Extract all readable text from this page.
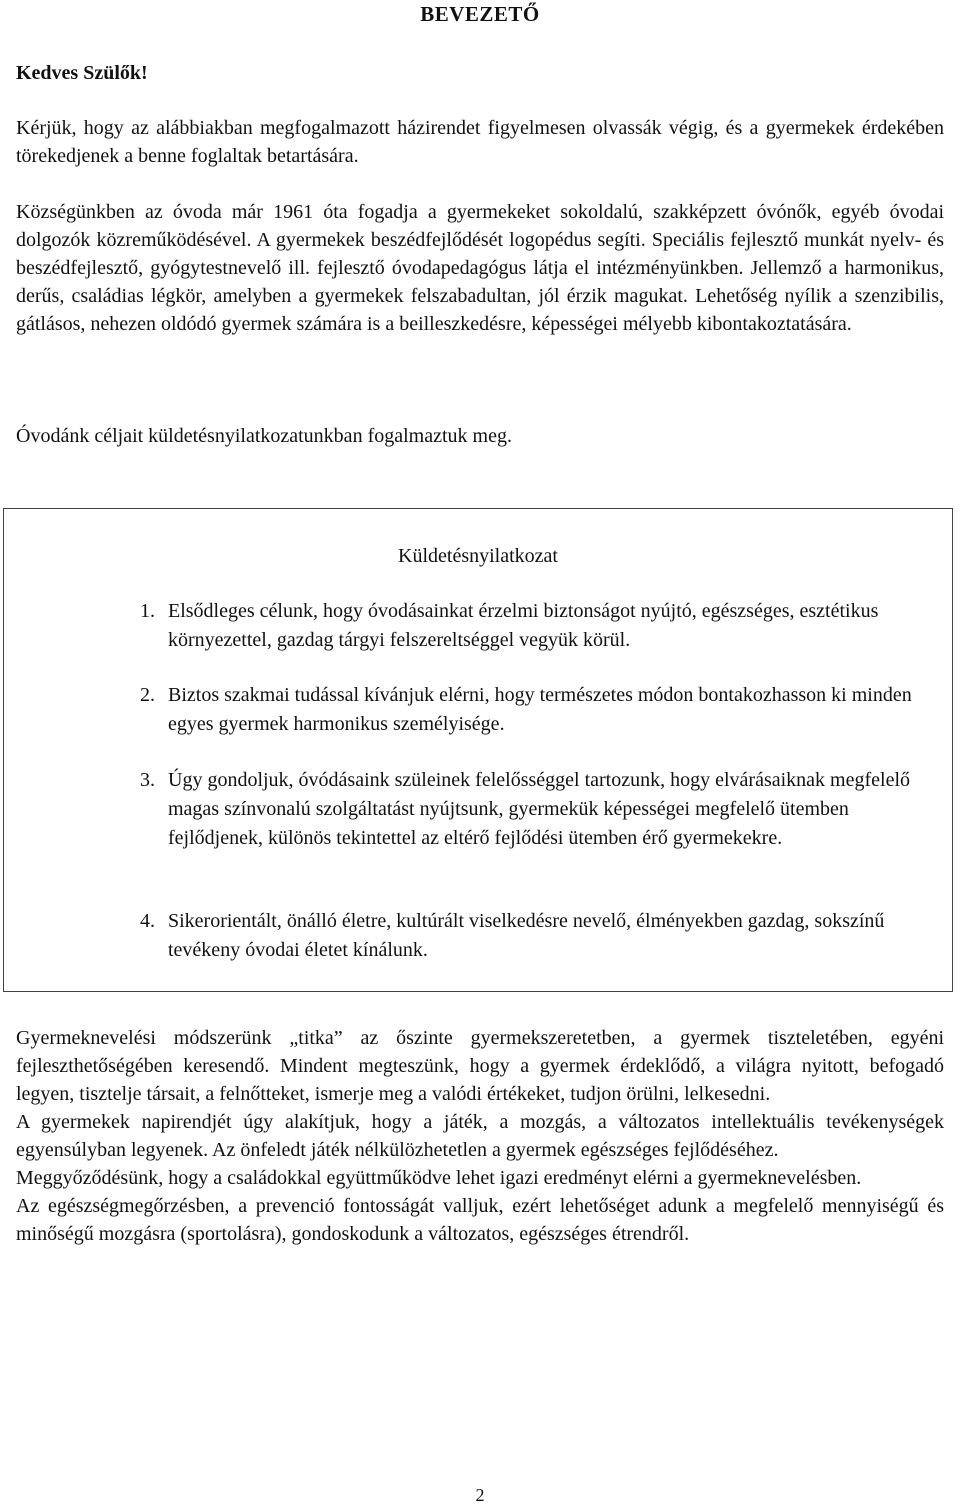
BEVEZETŐ
Kedves Szülők!

Kérjük, hogy az alábbiakban megfogalmazott házirendet figyelmesen olvassák végig, és a gyermekek érdekében törekedjenek a benne foglaltak betartására.

Községünkben az óvoda már 1961 óta fogadja a gyermekeket sokoldalú, szakképzett óvónők, egyéb óvodai dolgozók közreműködésével. A gyermekek beszédfejlődését logopédus segíti. Speciális fejlesztő munkát nyelv- és beszédfejlesztő, gyógytestnevelő ill. fejlesztő óvodapedagógus látja el intézményünkben. Jellemző a harmonikus, derűs, családias légkör, amelyben a gyermekek felszabadultan, jól érzik magukat. Lehetőség nyílik a szenzibilis, gátlásos, nehezen oldódó gyermek számára is a beilleszkedésre, képességei mélyebb kibontakoztatására.

Óvodánk céljait küldetésnyilatkozatunkban fogalmaztuk meg.

Küldetésnyilatkozat
1. Elsődleges célunk, hogy óvodásainkat érzelmi biztonságot nyújtó, egészséges, esztétikus környezettel, gazdag tárgyi felszereltséggel vegyük körül.
2. Biztos szakmai tudással kívánjuk elérni, hogy természetes módon bontakozhasson ki minden egyes gyermek harmonikus személyisége.
3. Úgy gondoljuk, óvódásaink szüleinek felelősséggel tartozunk, hogy elvárásaiknak megfelelő magas színvonalú szolgáltatást nyújtsunk, gyermekük képességei megfelelő ütemben fejlődjenek, különös tekintettel az eltérő fejlődési ütemben érő gyermekekre.
4. Sikerorientált, önálló életre, kultúrált viselkedésre nevelő, élményekben gazdag, sokszínű tevékeny óvodai életet kínálunk.

Gyermeknevelési módszerünk „titka” az őszinte gyermekszeretetben, a gyermek tiszteletében, egyéni fejleszthetőségében keresendő. Mindent megteszünk, hogy a gyermek érdeklődő, a világra nyitott, befogadó legyen, tisztelje társait, a felnőtteket, ismerje meg a valódi értékeket, tudjon örülni, lelkesedni.

A gyermekek napirendjét úgy alakítjuk, hogy a játék, a mozgás, a változatos intellektuális tevékenységek egyensúlyban legyenek. Az önfeledt játék nélkülözhetetlen a gyermek egészséges fejlődéséhez.

Meggyőződésünk, hogy a családokkal együttműködve lehet igazi eredményt elérni a gyermeknevelésben.

Az egészségmegőrzésben, a prevenció fontosságát valljuk, ezért lehetőséget adunk a megfelelő mennyiségű és minőségű mozgásra (sportolásra), gondoskodunk a változatos, egészséges étrendről.

2
